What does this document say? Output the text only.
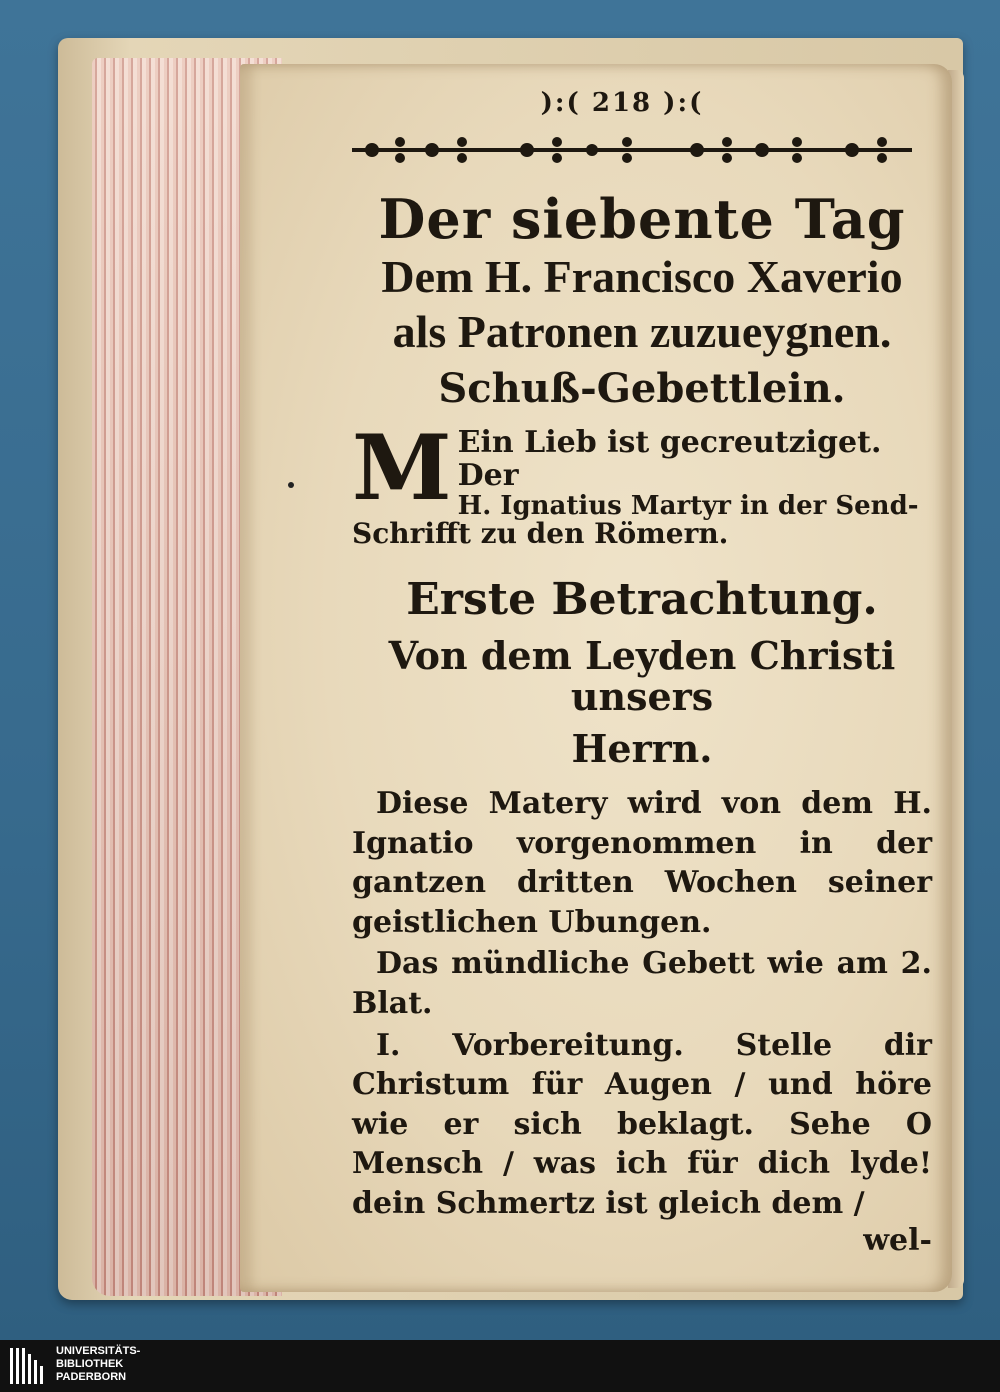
):( 218 ):(
Der siebente Tag
Dem H. Francisco Xaverio
als Patronen zuzueygnen.
Schuß-Gebettlein.
M Ein Lieb ist gecreutziget. Der
H. Ignatius Martyr in der Send-
Schrifft zu den Römern.
Erste Betrachtung.
Von dem Leyden Christi unsers
Herrn.
Diese Matery wird von dem H. Ignatio vorgenommen in der gantzen dritten Wochen seiner geistlichen Ubungen.
Das mündliche Gebett wie am 2. Blat.
I. Vorbereitung. Stelle dir Christum für Augen / und höre wie er sich beklagt. Sehe O Mensch / was ich für dich lyde! dein Schmertz ist gleich dem /
wel-
UNIVERSITÄTS-
BIBLIOTHEK
PADERBORN
